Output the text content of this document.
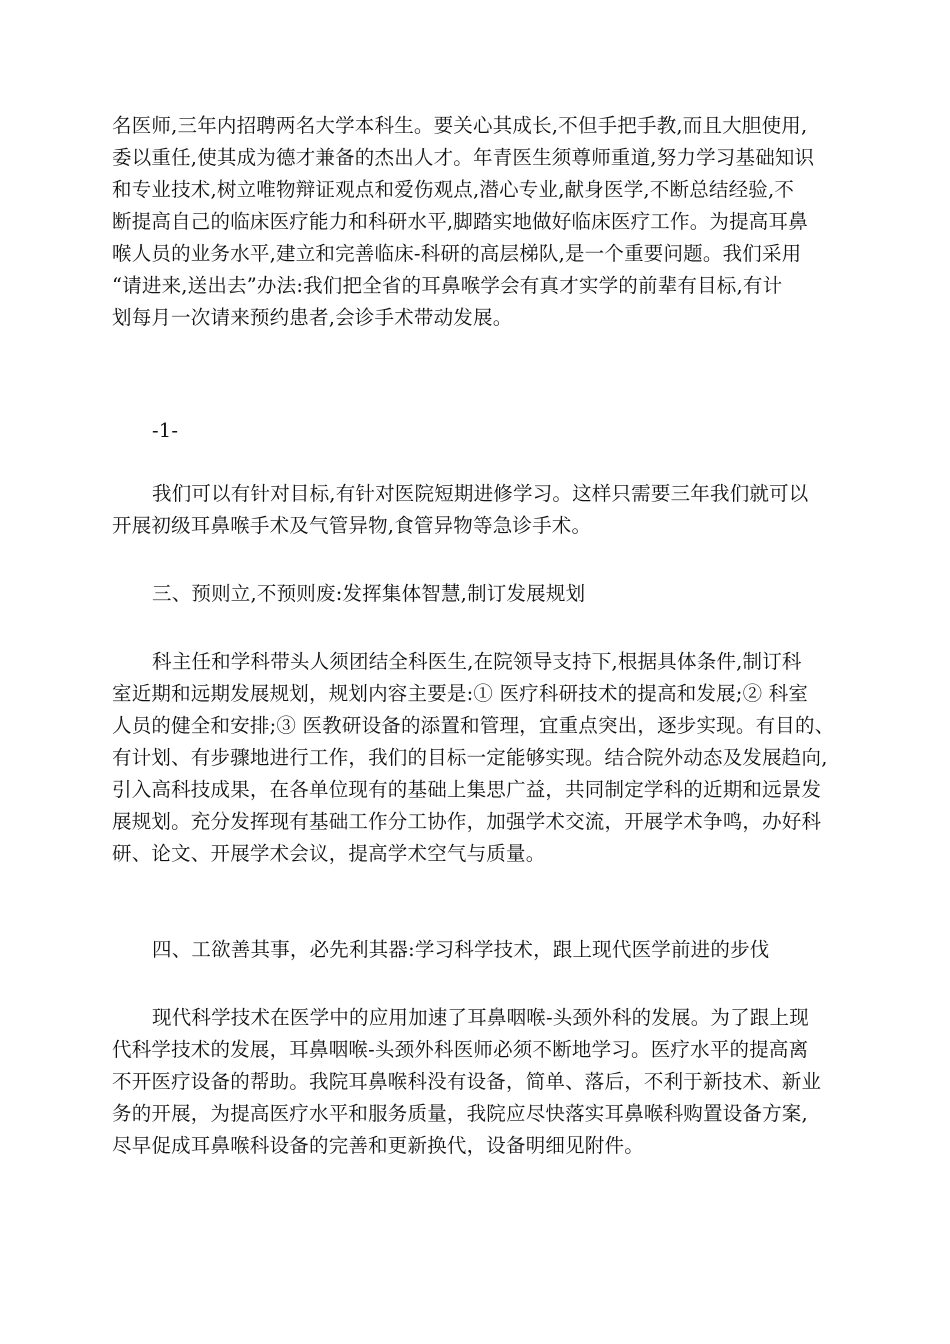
名医师,三年内招聘两名大学本科生。要关心其成长,不但手把手教,而且大胆使用,
委以重任,使其成为德才兼备的杰出人才。年青医生须尊师重道,努力学习基础知识
和专业技术,树立唯物辩证观点和爱伤观点,潜心专业,献身医学,不断总结经验,不
断提高自己的临床医疗能力和科研水平,脚踏实地做好临床医疗工作。为提高耳鼻
喉人员的业务水平,建立和完善临床-科研的高层梯队,是一个重要问题。我们采用
“请进来,送出去”办法:我们把全省的耳鼻喉学会有真才实学的前辈有目标,有计
划每月一次请来预约患者,会诊手术带动发展。
-1-
我们可以有针对目标,有针对医院短期进修学习。这样只需要三年我们就可以
开展初级耳鼻喉手术及气管异物,食管异物等急诊手术。
三、预则立,不预则废:发挥集体智慧,制订发展规划
科主任和学科带头人须团结全科医生,在院领导支持下,根据具体条件,制订科
室近期和远期发展规划，规划内容主要是:① 医疗科研技术的提高和发展;② 科室
人员的健全和安排;③ 医教研设备的添置和管理，宜重点突出，逐步实现。有目的、
有计划、有步骤地进行工作，我们的目标一定能够实现。结合院外动态及发展趋向,
引入高科技成果，在各单位现有的基础上集思广益，共同制定学科的近期和远景发
展规划。充分发挥现有基础工作分工协作，加强学术交流，开展学术争鸣，办好科
研、论文、开展学术会议，提高学术空气与质量。
四、工欲善其事，必先利其器:学习科学技术，跟上现代医学前进的步伐
现代科学技术在医学中的应用加速了耳鼻咽喉-头颈外科的发展。为了跟上现
代科学技术的发展，耳鼻咽喉-头颈外科医师必须不断地学习。医疗水平的提高离
不开医疗设备的帮助。我院耳鼻喉科没有设备，简单、落后，不利于新技术、新业
务的开展，为提高医疗水平和服务质量，我院应尽快落实耳鼻喉科购置设备方案,
尽早促成耳鼻喉科设备的完善和更新换代，设备明细见附件。
